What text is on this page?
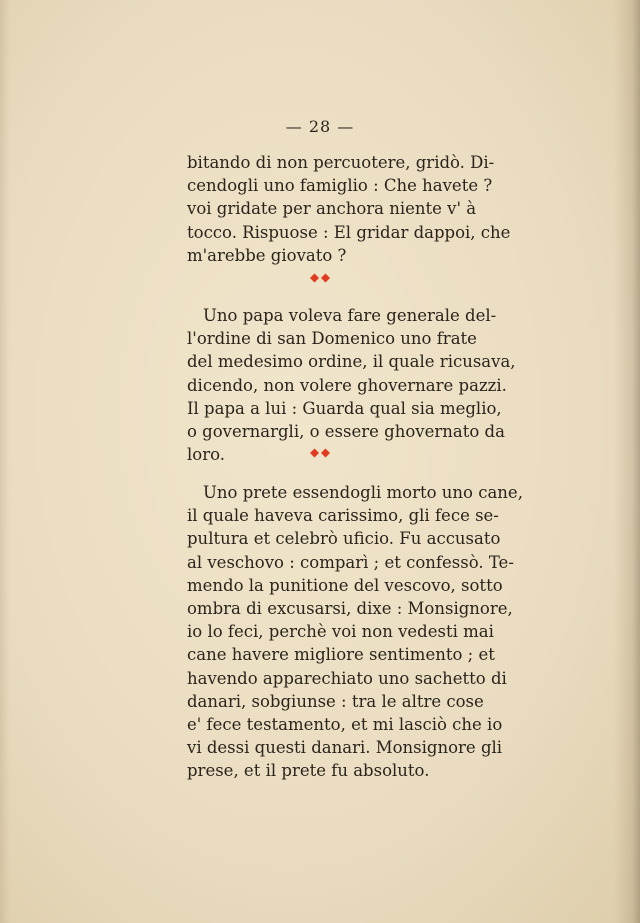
— 28 —
bitando di non percuotere, gridò. Di-
cendogli uno famiglio : Che havete ?
voi gridate per anchora niente v' à
tocco. Rispuose : El gridar dappoi, che
m'arebbe giovato ?
Uno papa voleva fare generale del-
l'ordine di san Domenico uno frate
del medesimo ordine, il quale ricusava,
dicendo, non volere ghovernare pazzi.
Il papa a lui : Guarda qual sia meglio,
o governargli, o essere ghovernato da
loro.
Uno prete essendogli morto uno cane,
il quale haveva carissimo, gli fece se-
pultura et celebrò uficio. Fu accusato
al veschovo : comparì ; et confessò. Te-
mendo la punitione del vescovo, sotto
ombra di excusarsi, dixe : Monsignore,
io lo feci, perchè voi non vedesti mai
cane havere migliore sentimento ; et
havendo apparechiato uno sachetto di
danari, sobgiunse : tra le altre cose
e' fece testamento, et mi lasciò che io
vi dessi questi danari. Monsignore gli
prese, et il prete fu absoluto.
